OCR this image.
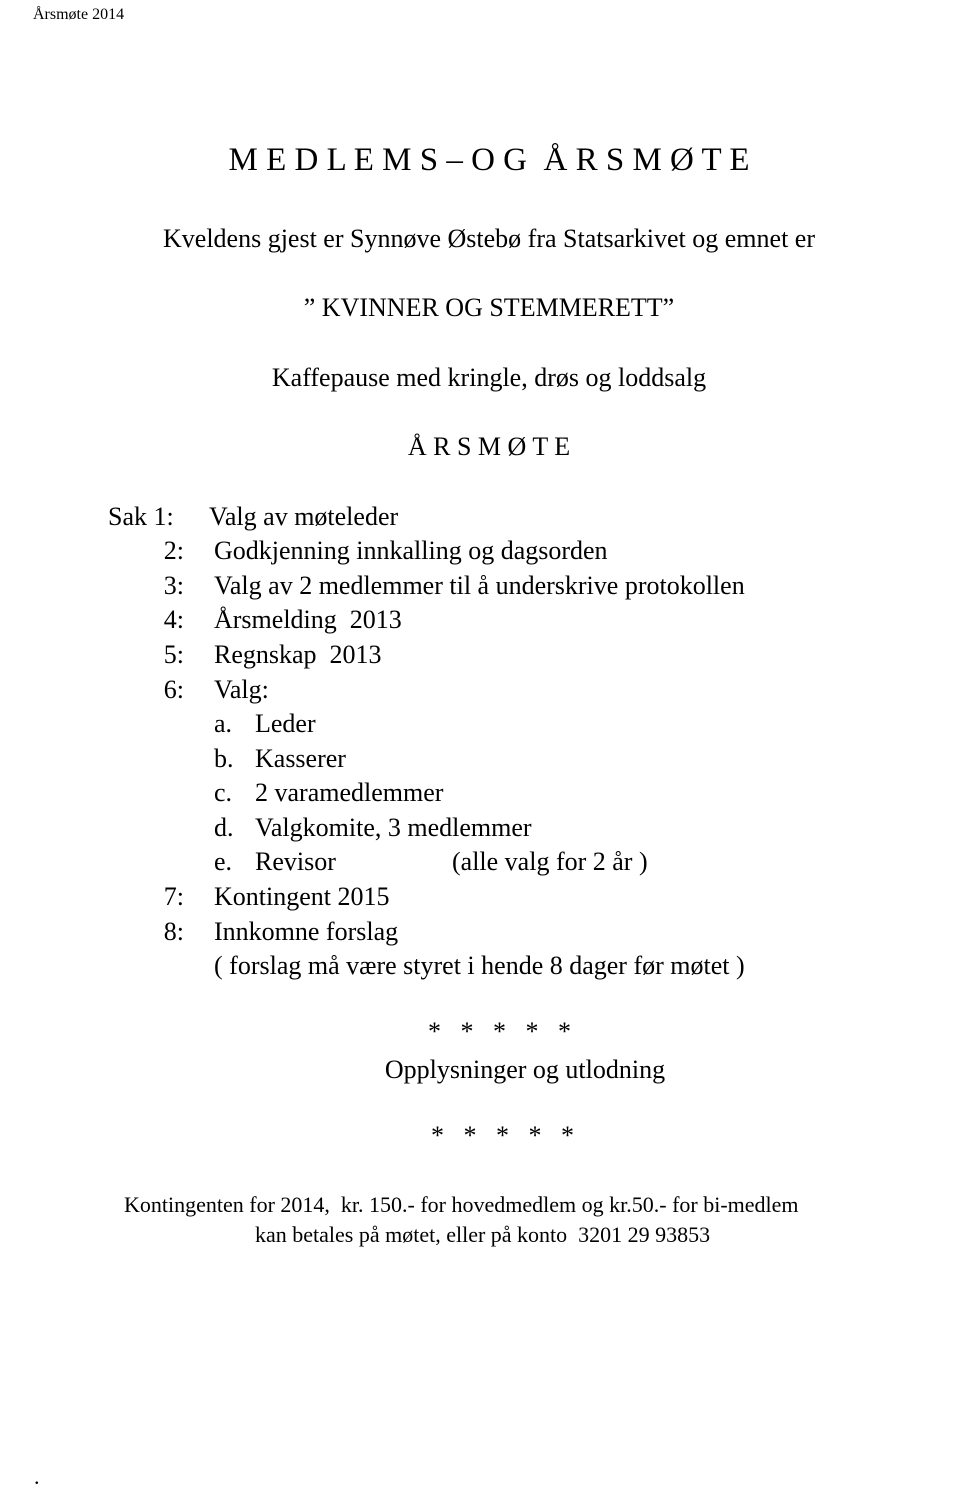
Årsmøte 2014
M E D L E M S – O G  Å R S M Ø T E
Kveldens gjest er Synnøve Østebø fra Statsarkivet og emnet er
” KVINNER OG STEMMERETT”
Kaffepause med kringle, drøs og loddsalg
Å R S M Ø T E
Sak 1: Valg av møteleder
2: Godkjenning innkalling og dagsorden
3: Valg av 2 medlemmer til å underskrive protokollen
4: Årsmelding  2013
5: Regnskap  2013
6: Valg:
a. Leder
b. Kasserer
c. 2 varamedlemmer
d. Valgkomite, 3 medlemmer
e. Revisor	(alle valg for 2 år )
7: Kontingent 2015
8: Innkomne forslag
( forslag må være styret i hende 8 dager før møtet )
*   *   *   *   *
Opplysninger og utlodning
*   *   *   *   *
Kontingenten for 2014,  kr. 150.- for hovedmedlem og kr.50.- for bi-medlem
kan betales på møtet, eller på konto  3201 29 93853
.
